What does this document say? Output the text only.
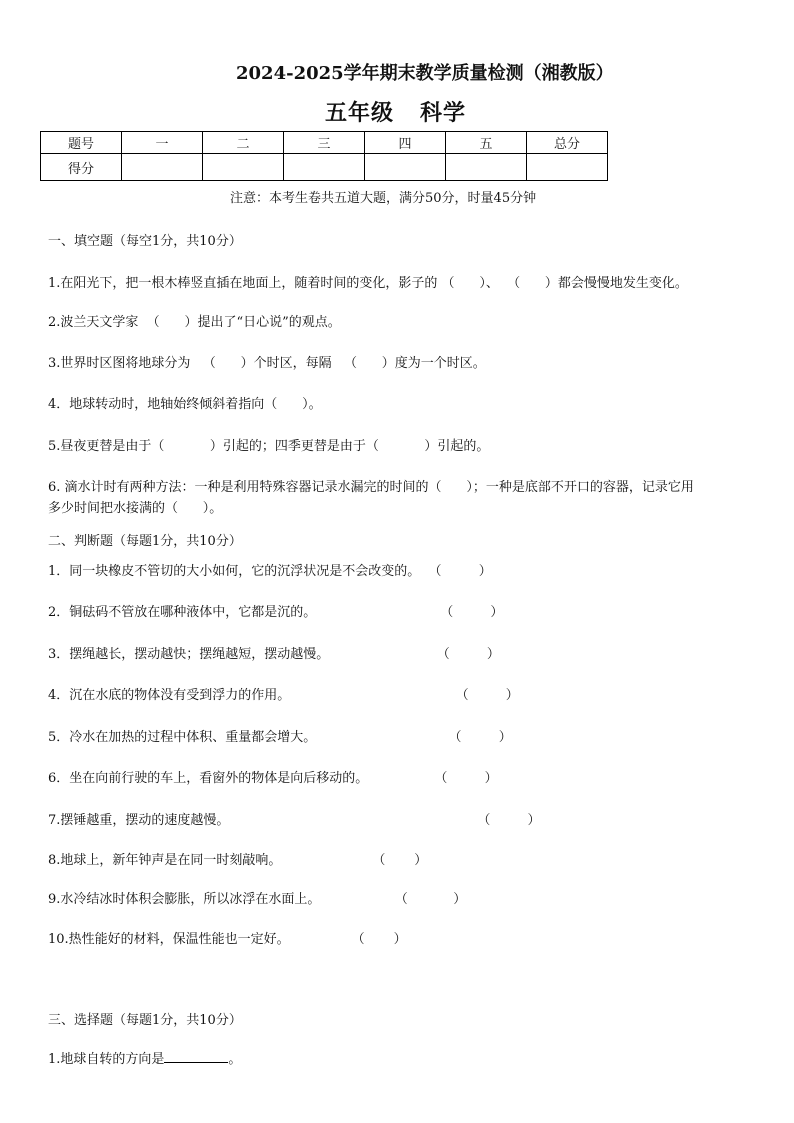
2024-2025学年期末教学质量检测（湘教版）
五年级   科学
题号	一	二	三	四	五	总分
得分						
注意：本考生卷共五道大题，满分50分，时量45分钟
一、填空题（每空1分，共10分）
1.在阳光下，把一根木棒竖直插在地面上，随着时间的变化，影子的 （      ）、  （      ）都会慢慢地发生变化。
2.波兰天文学家  （      ）提出了“日心说”的观点。
3.世界时区图将地球分为   （      ）个时区，每隔   （      ）度为一个时区。
4．地球转动时，地轴始终倾斜着指向（      ）。
5.昼夜更替是由于（           ）引起的；四季更替是由于（           ）引起的。
6. 滴水计时有两种方法：一种是利用特殊容器记录水漏完的时间的（      ）；一种是底部不开口的容器，记录它用
多少时间把水接满的（      ）。
二、判断题（每题1分，共10分）
1．同一块橡皮不管切的大小如何，它的沉浮状况是不会改变的。  （         ）
2．铜砝码不管放在哪种液体中，它都是沉的。                              （         ）
3．摆绳越长，摆动越快；摆绳越短，摆动越慢。                          （         ）
4．沉在水底的物体没有受到浮力的作用。                                        （         ）
5．冷水在加热的过程中体积、重量都会增大。                                （         ）
6．坐在向前行驶的车上，看窗外的物体是向后移动的。                （         ）
7.摆锤越重，摆动的速度越慢。                                                            （         ）
8.地球上，新年钟声是在同一时刻敲响。                      （       ）
9.水冷结冰时体积会膨胀，所以冰浮在水面上。                  （           ）
10.热性能好的材料，保温性能也一定好。               （       ）
三、选择题（每题1分，共10分）
1.地球自转的方向是	。
